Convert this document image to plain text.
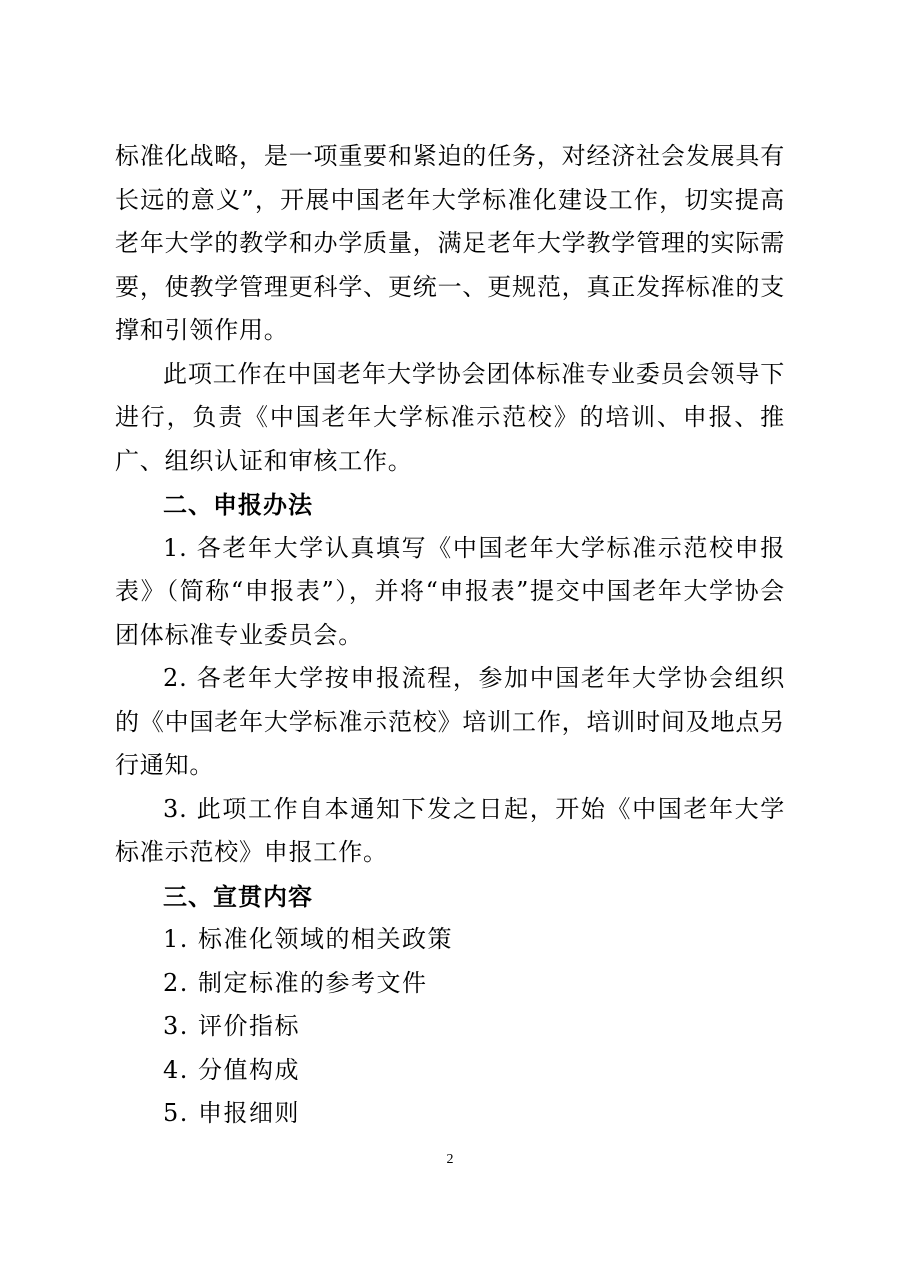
标准化战略，是一项重要和紧迫的任务，对经济社会发展具有长远的意义”，开展中国老年大学标准化建设工作，切实提高老年大学的教学和办学质量，满足老年大学教学管理的实际需要，使教学管理更科学、更统一、更规范，真正发挥标准的支撑和引领作用。

此项工作在中国老年大学协会团体标准专业委员会领导下进行，负责《中国老年大学标准示范校》的培训、申报、推广、组织认证和审核工作。

二、申报办法

1. 各老年大学认真填写《中国老年大学标准示范校申报表》（简称“申报表”），并将“申报表”提交中国老年大学协会团体标准专业委员会。

2. 各老年大学按申报流程，参加中国老年大学协会组织的《中国老年大学标准示范校》培训工作，培训时间及地点另行通知。

3. 此项工作自本通知下发之日起，开始《中国老年大学标准示范校》申报工作。

三、宣贯内容

1. 标准化领域的相关政策

2. 制定标准的参考文件

3. 评价指标

4. 分值构成

5. 申报细则

2
